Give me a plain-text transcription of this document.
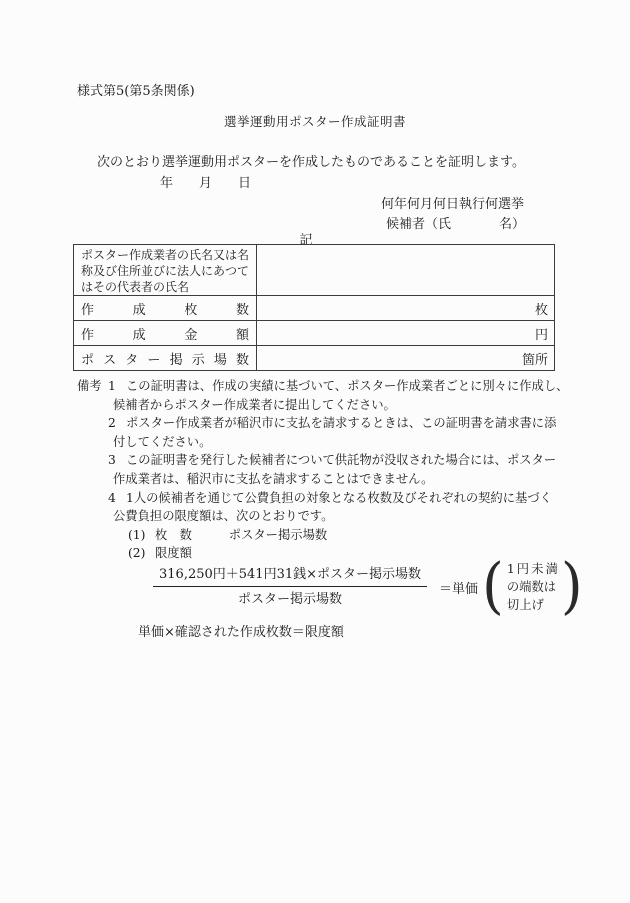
様式第5(第5条関係)
選挙運動用ポスター作成証明書
次のとおり選挙運動用ポスターを作成したものであることを証明します。
年 月 日
何年何月何日執行何選挙
候補者（氏	名）
記
ポスター作成業者の氏名又は名
称及び住所並びに法人にあつて
はその代表者の氏名
作	成	枚	数	枚
作	成	金	額	円
ポ ス タ ー 掲 示 場 数	箇所
備考 1 この証明書は、作成の実績に基づいて、ポスター作成業者ごとに別々に作成し、
候補者からポスター作成業者に提出してください。
2 ポスター作成業者が稲沢市に支払を請求するときは、この証明書を請求書に添
付してください。
3 この証明書を発行した候補者について供託物が没収された場合には、ポスター
作成業者は、稲沢市に支払を請求することはできません。
4 1人の候補者を通じて公費負担の対象となる枚数及びそれぞれの契約に基づく
公費負担の限度額は、次のとおりです。
(1) 枚　数　　　ポスター掲示場数
(2) 限度額
$\frac{\text{316,250円＋541円31銭×ポスター掲示場数}}{\text{ポスター掲示場数}}$ ＝単価 ( 1 円 未 満
の端数は
切上げ )
単価×確認された作成枚数＝限度額
